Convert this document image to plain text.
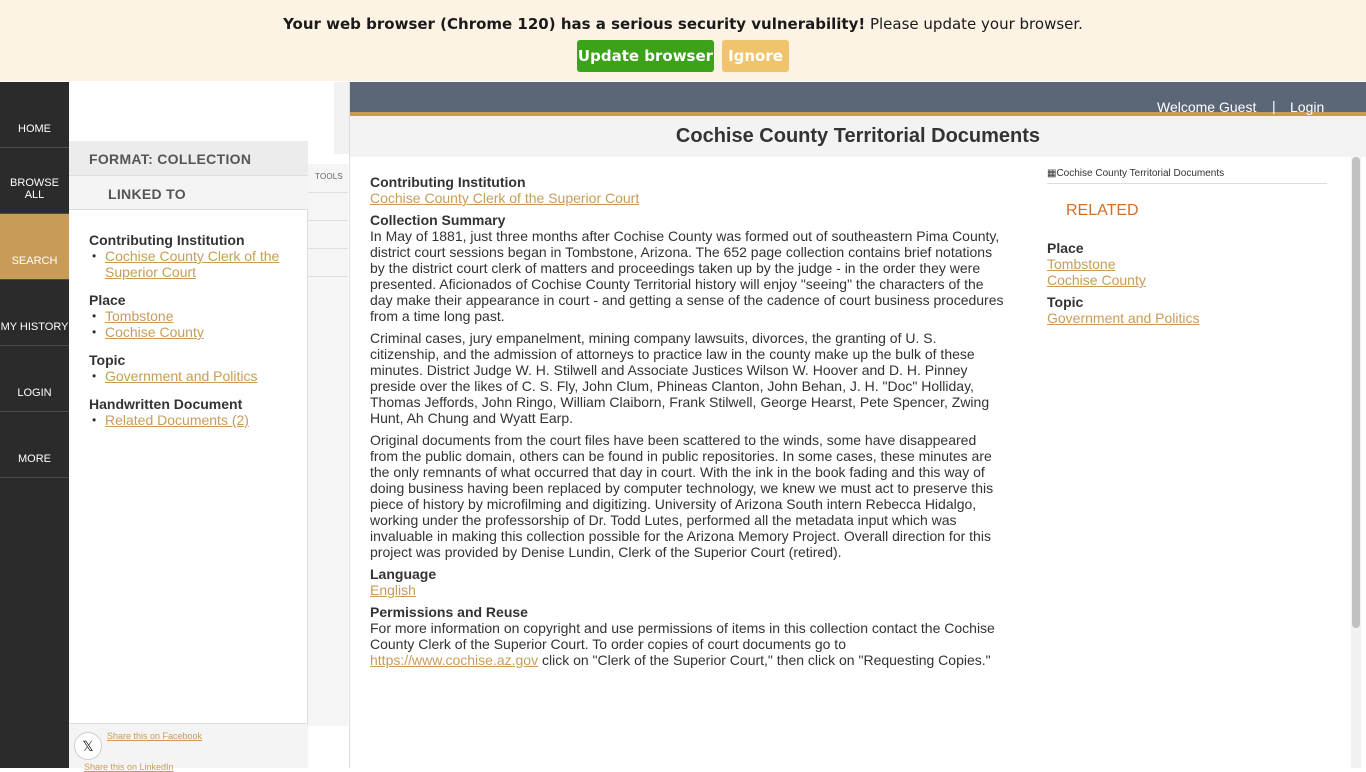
Your web browser (Chrome 120) has a serious security vulnerability! Please update your browser.
Update browser	Ignore
HOME
BROWSE ALL
SEARCH
MY HISTORY
LOGIN
MORE
FORMAT: COLLECTION
LINKED TO
Contributing Institution
• Cochise County Clerk of the Superior Court
Place
• Tombstone
• Cochise County
Topic
• Government and Politics
Handwritten Document
• Related Documents (2)
𝕏
Share this on Facebook
Share this on LinkedIn
TOOLS
Welcome Guest | Login
Cochise County Territorial Documents
Contributing Institution
Cochise County Clerk of the Superior Court
Collection Summary
In May of 1881, just three months after Cochise County was formed out of southeastern Pima County, district court sessions began in Tombstone, Arizona. The 652 page collection contains brief notations by the district court clerk of matters and proceedings taken up by the judge - in the order they were presented. Aficionados of Cochise County Territorial history will enjoy "seeing" the characters of the day make their appearance in court - and getting a sense of the cadence of court business procedures from a time long past.

Criminal cases, jury empanelment, mining company lawsuits, divorces, the granting of U. S. citizenship, and the admission of attorneys to practice law in the county make up the bulk of these minutes. District Judge W. H. Stilwell and Associate Justices Wilson W. Hoover and D. H. Pinney preside over the likes of C. S. Fly, John Clum, Phineas Clanton, John Behan, J. H. "Doc" Holliday, Thomas Jeffords, John Ringo, William Claiborn, Frank Stilwell, George Hearst, Pete Spencer, Zwing Hunt, Ah Chung and Wyatt Earp.

Original documents from the court files have been scattered to the winds, some have disappeared from the public domain, others can be found in public repositories. In some cases, these minutes are the only remnants of what occurred that day in court. With the ink in the book fading and this way of doing business having been replaced by computer technology, we knew we must act to preserve this piece of history by microfilming and digitizing. University of Arizona South intern Rebecca Hidalgo, working under the professorship of Dr. Todd Lutes, performed all the metadata input which was invaluable in making this collection possible for the Arizona Memory Project. Overall direction for this project was provided by Denise Lundin, Clerk of the Superior Court (retired).

Language
English
Permissions and Reuse
For more information on copyright and use permissions of items in this collection contact the Cochise County Clerk of the Superior Court. To order copies of court documents go to https://www.cochise.az.gov click on "Clerk of the Superior Court," then click on "Requesting Copies."
▦Cochise County Territorial Documents
RELATED
Place
Tombstone
Cochise County
Topic
Government and Politics
